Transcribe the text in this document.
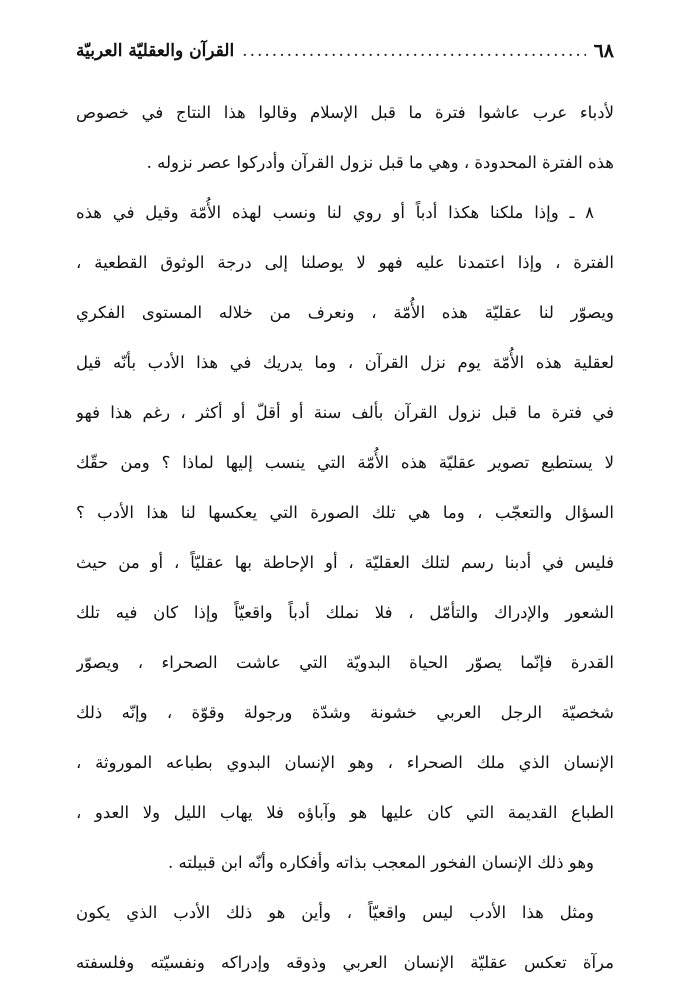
٦٨
.....
القرآن والعقليّة العربيّة
لأدباء عرب عاشوا فترة ما قبل الإسلام وقالوا هذا النتاج في خصوص
هذه الفترة المحدودة ، وهي ما قبل نزول القرآن وأدركوا عصر نزوله .
٨ ـ وإذا ملكنا هكذا أدباً أو روي لنا ونسب لهذه الأُمّة وقيل في هذه
الفترة ، وإذا اعتمدنا عليه فهو لا يوصلنا إلى درجة الوثوق القطعية ،
ويصوّر لنا عقليّة هذه الأُمّة ، ونعرف من خلاله المستوى الفكري
لعقلية هذه الأُمّة يوم نزل القرآن ، وما يدريك في هذا الأدب بأنّه قيل
في فترة ما قبل نزول القرآن بألف سنة أو أقلّ أو أكثر ، رغم هذا فهو
لا يستطيع تصوير عقليّة هذه الأُمّة التي ينسب إليها لماذا ؟ ومن حقّك
السؤال والتعجّب ، وما هي تلك الصورة التي يعكسها لنا هذا الأدب ؟
فليس في أدبنا رسم لتلك العقليّة ، أو الإحاطة بها عقليّاً ، أو من حيث
الشعور والإدراك والتأمّل ، فلا نملك أدباً واقعيّاً وإذا كان فيه تلك
القدرة فإنّما يصوّر الحياة البدويّة التي عاشت الصحراء ، ويصوّر
شخصيّة الرجل العربي خشونة وشدّة ورجولة وقوّة ، وإنّه ذلك
الإنسان الذي ملك الصحراء ، وهو الإنسان البدوي بطباعه الموروثة ،
الطباع القديمة التي كان عليها هو وآباؤه فلا يهاب الليل ولا العدو ،
وهو ذلك الإنسان الفخور المعجب بذاته وأفكاره وأنّه ابن قبيلته .
ومثل هذا الأدب ليس واقعيّاً ، وأين هو ذلك الأدب الذي يكون
مرآة تعكس عقليّة الإنسان العربي وذوقه وإدراكه ونفسيّته وفلسفته
